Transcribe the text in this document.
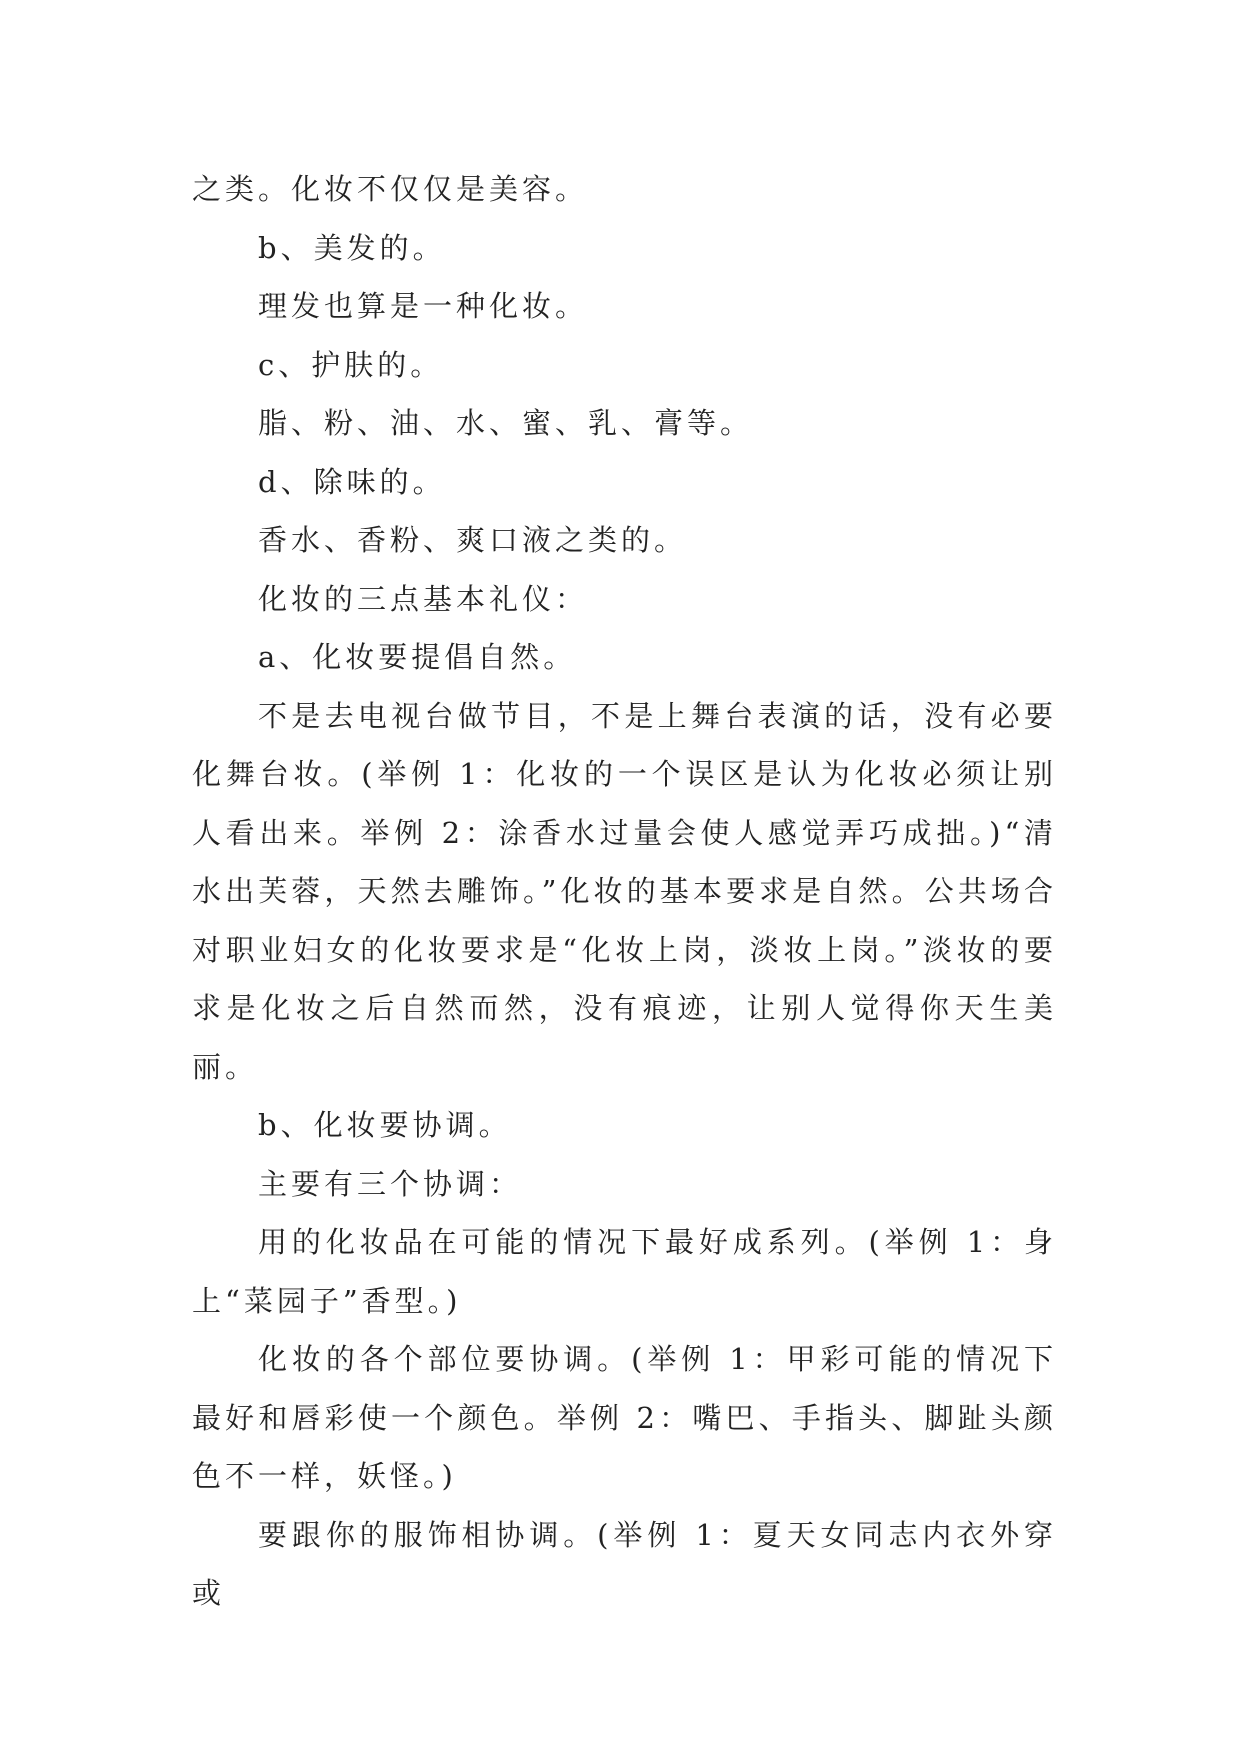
之类。化妆不仅仅是美容。

b、美发的。

理发也算是一种化妆。

c、护肤的。

脂、粉、油、水、蜜、乳、膏等。

d、除味的。

香水、香粉、爽口液之类的。

化妆的三点基本礼仪：

a、化妆要提倡自然。

不是去电视台做节目，不是上舞台表演的话，没有必要化舞台妆。(举例 1：化妆的一个误区是认为化妆必须让别人看出来。举例 2：涂香水过量会使人感觉弄巧成拙。)“清水出芙蓉，天然去雕饰。”化妆的基本要求是自然。公共场合对职业妇女的化妆要求是“化妆上岗，淡妆上岗。”淡妆的要求是化妆之后自然而然，没有痕迹，让别人觉得你天生美丽。

b、化妆要协调。

主要有三个协调：

用的化妆品在可能的情况下最好成系列。(举例 1：身上“菜园子”香型。)

化妆的各个部位要协调。(举例 1：甲彩可能的情况下最好和唇彩使一个颜色。举例 2：嘴巴、手指头、脚趾头颜色不一样，妖怪。)

要跟你的服饰相协调。(举例 1：夏天女同志内衣外穿或
